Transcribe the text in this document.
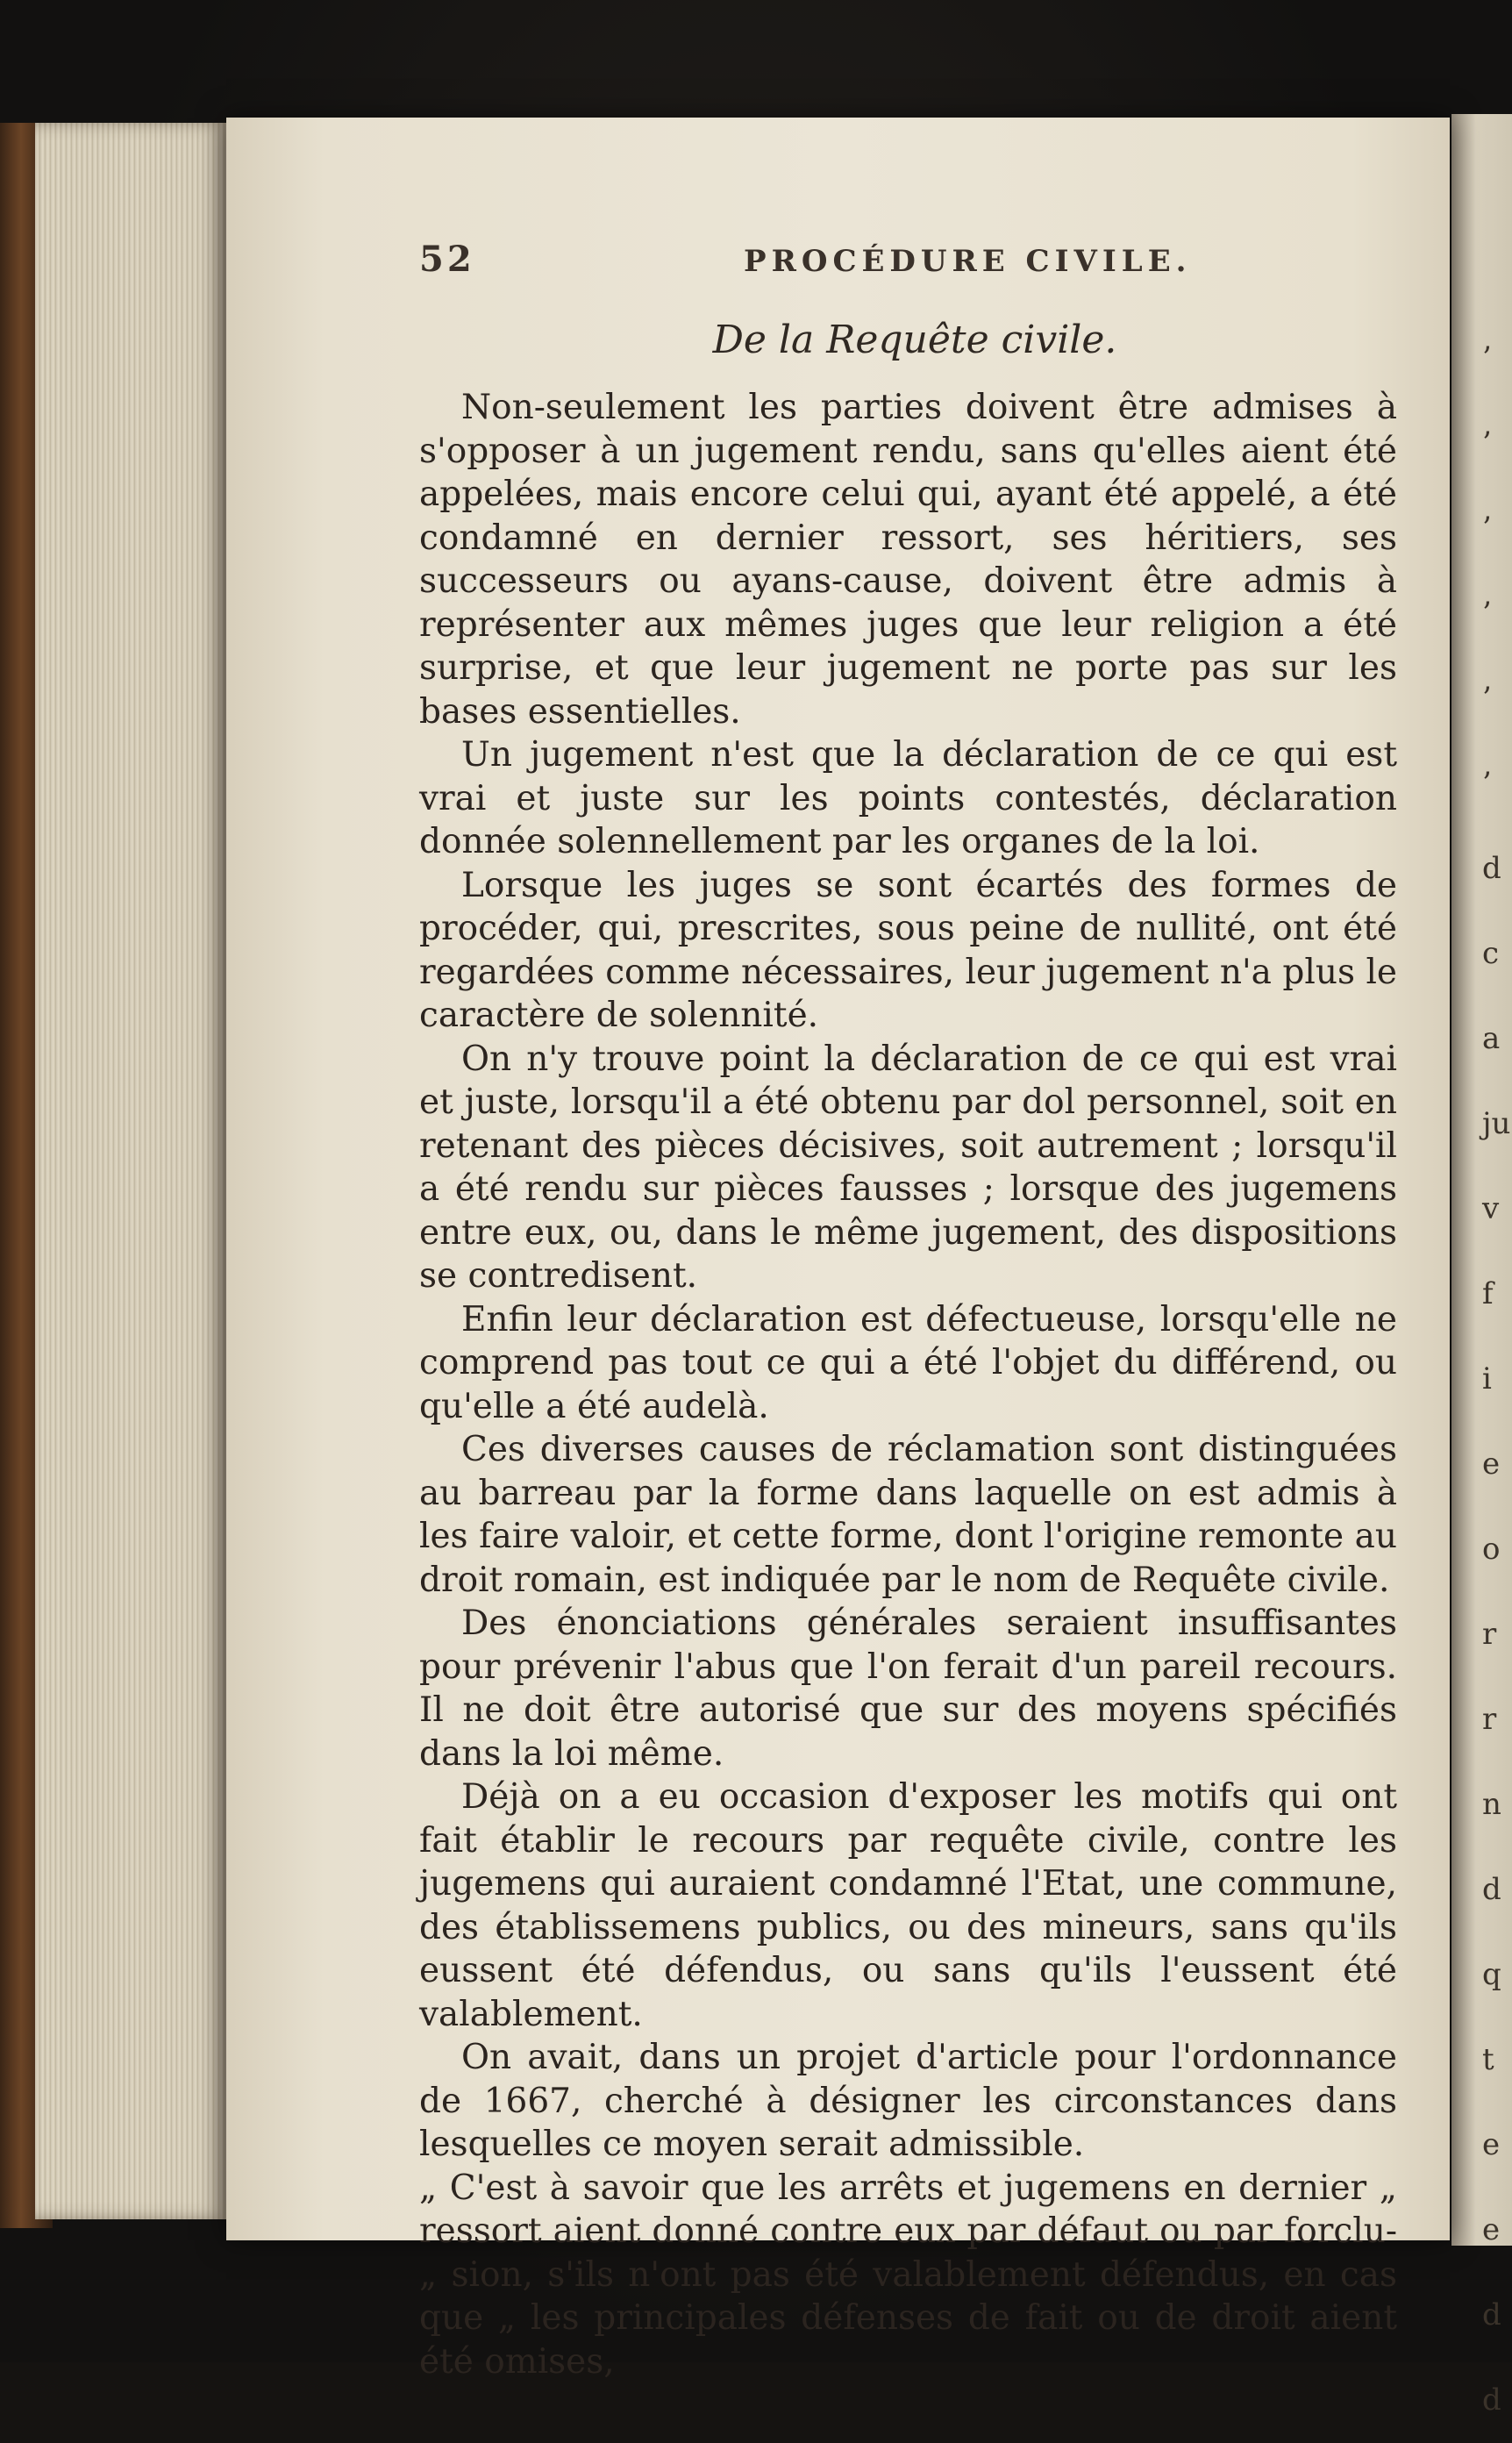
’ ’ ’ ’ ’ ’ d c a ju v f i e o r r n d q t e e d d
52	PROCÉDURE CIVILE.
De la Requête civile.

Non-seulement les parties doivent être admises à s'opposer à un jugement rendu, sans qu'elles aient été appelées, mais encore celui qui, ayant été appelé, a été condamné en dernier ressort, ses héritiers, ses successeurs ou ayans-cause, doivent être admis à représenter aux mêmes juges que leur religion a été surprise, et que leur jugement ne porte pas sur les bases essentielles.

Un jugement n'est que la déclaration de ce qui est vrai et juste sur les points contestés, déclaration donnée solennellement par les organes de la loi.

Lorsque les juges se sont écartés des formes de procéder, qui, prescrites, sous peine de nullité, ont été regardées comme nécessaires, leur jugement n'a plus le caractère de solennité.

On n'y trouve point la déclaration de ce qui est vrai et juste, lorsqu'il a été obtenu par dol personnel, soit en retenant des pièces décisives, soit autrement ; lorsqu'il a été rendu sur pièces fausses ; lorsque des jugemens entre eux, ou, dans le même jugement, des dispositions se contredisent.

Enfin leur déclaration est défectueuse, lorsqu'elle ne comprend pas tout ce qui a été l'objet du différend, ou qu'elle a été audelà.

Ces diverses causes de réclamation sont distinguées au barreau par la forme dans laquelle on est admis à les faire valoir, et cette forme, dont l'origine remonte au droit romain, est indiquée par le nom de Requête civile.

Des énonciations générales seraient insuffisantes pour prévenir l'abus que l'on ferait d'un pareil recours. Il ne doit être autorisé que sur des moyens spécifiés dans la loi même.

Déjà on a eu occasion d'exposer les motifs qui ont fait établir le recours par requête civile, contre les jugemens qui auraient condamné l'Etat, une commune, des établissemens publics, ou des mineurs, sans qu'ils eussent été défendus, ou sans qu'ils l'eussent été valablement.

On avait, dans un projet d'article pour l'ordonnance de 1667, cherché à désigner les circonstances dans lesquelles ce moyen serait admissible.

„ C'est à savoir que les arrêts et jugemens en dernier „ ressort aient donné contre eux par défaut ou par forclu- „ sion, s'ils n'ont pas été valablement défendus, en cas que „ les principales défenses de fait ou de droit aient été omises,
